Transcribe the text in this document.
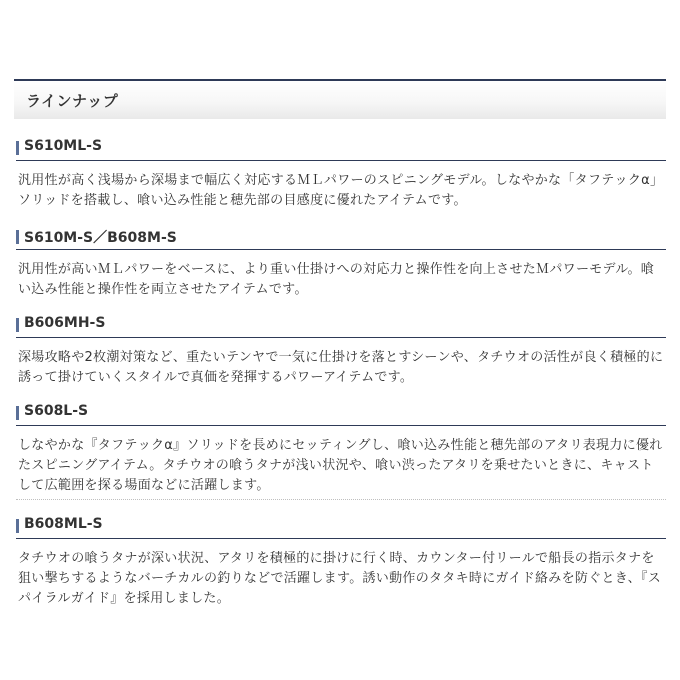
ラインナップ
S610ML-S
汎用性が高く浅場から深場まで幅広く対応するＭＬパワーのスピニングモデル。しなやかな「タフテックα」ソリッドを搭載し、喰い込み性能と穂先部の目感度に優れたアイテムです。
S610M-S／B608M-S
汎用性が高いＭＬパワーをベースに、より重い仕掛けへの対応力と操作性を向上させたＭパワーモデル。喰い込み性能と操作性を両立させたアイテムです。
B606MH-S
深場攻略や2枚潮対策など、重たいテンヤで一気に仕掛けを落とすシーンや、タチウオの活性が良く積極的に誘って掛けていくスタイルで真価を発揮するパワーアイテムです。
S608L-S
しなやかな『タフテックα』ソリッドを長めにセッティングし、喰い込み性能と穂先部のアタリ表現力に優れたスピニングアイテム。タチウオの喰うタナが浅い状況や、喰い渋ったアタリを乗せたいときに、キャストして広範囲を探る場面などに活躍します。
B608ML-S
タチウオの喰うタナが深い状況、アタリを積極的に掛けに行く時、カウンター付リールで船長の指示タナを狙い撃ちするようなバーチカルの釣りなどで活躍します。誘い動作のタタキ時にガイド絡みを防ぐとき、『スパイラルガイド』を採用しました。
